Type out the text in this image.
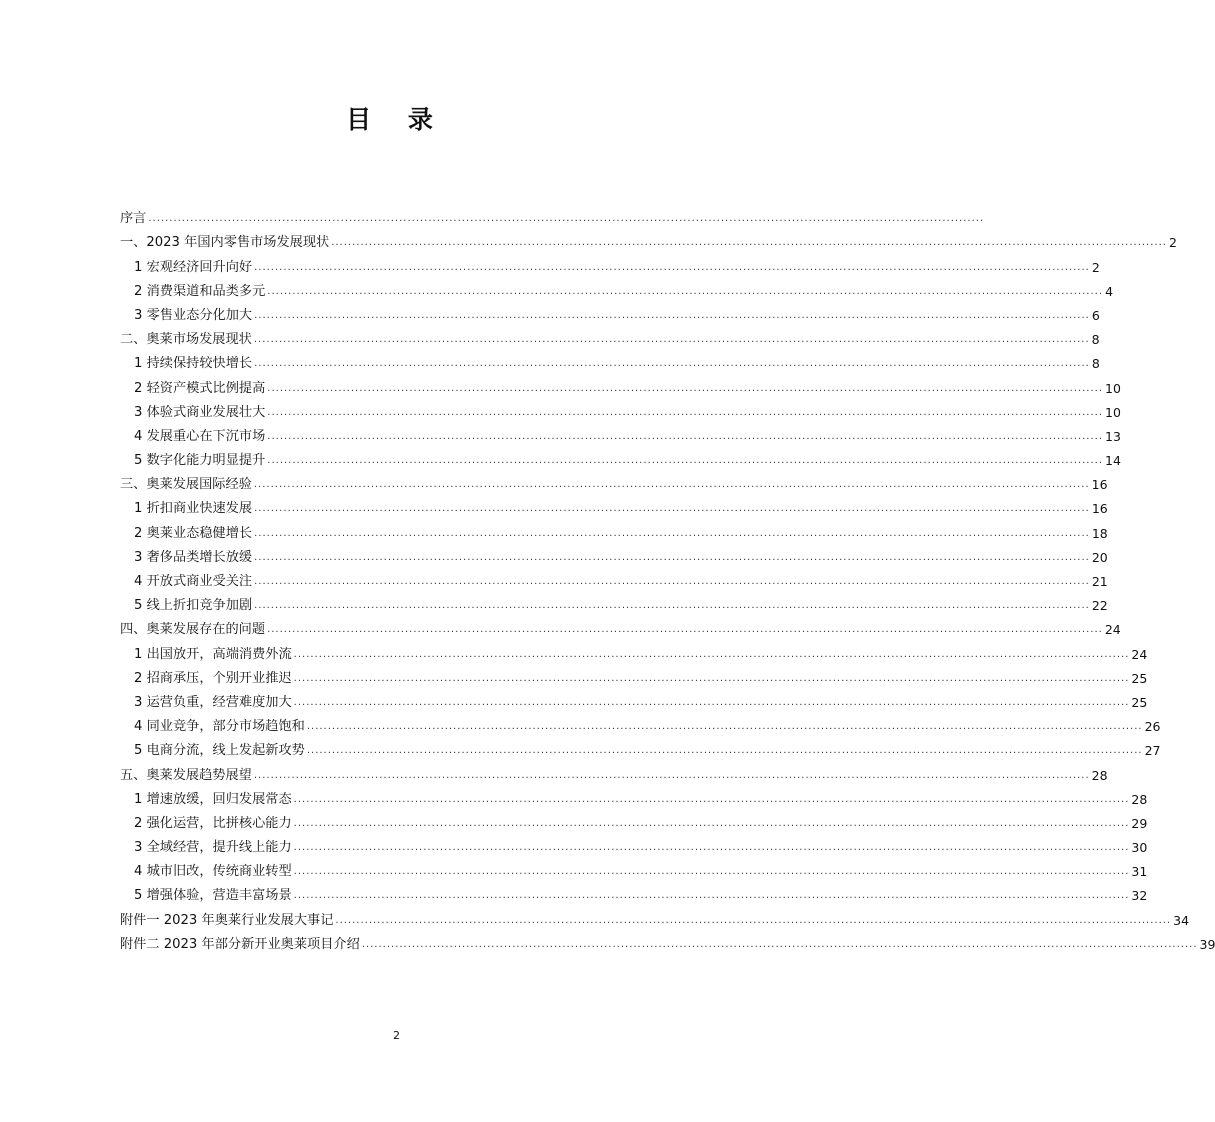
目 录
序言 ........................................................................................................................................................................................................
一、2023 年国内零售市场发展现状 ........................................................................................................................................................................................................ 2
1 宏观经济回升向好 ........................................................................................................................................................................................................ 2
2 消费渠道和品类多元 ........................................................................................................................................................................................................ 4
3 零售业态分化加大 ........................................................................................................................................................................................................ 6
二、奥莱市场发展现状 ........................................................................................................................................................................................................ 8
1 持续保持较快增长 ........................................................................................................................................................................................................ 8
2 轻资产模式比例提高 ........................................................................................................................................................................................................ 10
3 体验式商业发展壮大 ........................................................................................................................................................................................................ 10
4 发展重心在下沉市场 ........................................................................................................................................................................................................ 13
5 数字化能力明显提升 ........................................................................................................................................................................................................ 14
三、奥莱发展国际经验 ........................................................................................................................................................................................................ 16
1 折扣商业快速发展 ........................................................................................................................................................................................................ 16
2 奥莱业态稳健增长 ........................................................................................................................................................................................................ 18
3 奢侈品类增长放缓 ........................................................................................................................................................................................................ 20
4 开放式商业受关注 ........................................................................................................................................................................................................ 21
5 线上折扣竞争加剧 ........................................................................................................................................................................................................ 22
四、奥莱发展存在的问题 ........................................................................................................................................................................................................ 24
1 出国放开，高端消费外流 ........................................................................................................................................................................................................ 24
2 招商承压，个别开业推迟 ........................................................................................................................................................................................................ 25
3 运营负重，经营难度加大 ........................................................................................................................................................................................................ 25
4 同业竞争，部分市场趋饱和 ........................................................................................................................................................................................................ 26
5 电商分流，线上发起新攻势 ........................................................................................................................................................................................................ 27
五、奥莱发展趋势展望 ........................................................................................................................................................................................................ 28
1 增速放缓，回归发展常态 ........................................................................................................................................................................................................ 28
2 强化运营，比拼核心能力 ........................................................................................................................................................................................................ 29
3 全域经营，提升线上能力 ........................................................................................................................................................................................................ 30
4 城市旧改，传统商业转型 ........................................................................................................................................................................................................ 31
5 增强体验，营造丰富场景 ........................................................................................................................................................................................................ 32
附件一 2023 年奥莱行业发展大事记 ........................................................................................................................................................................................................ 34
附件二 2023 年部分新开业奥莱项目介绍 ........................................................................................................................................................................................................ 39
2
